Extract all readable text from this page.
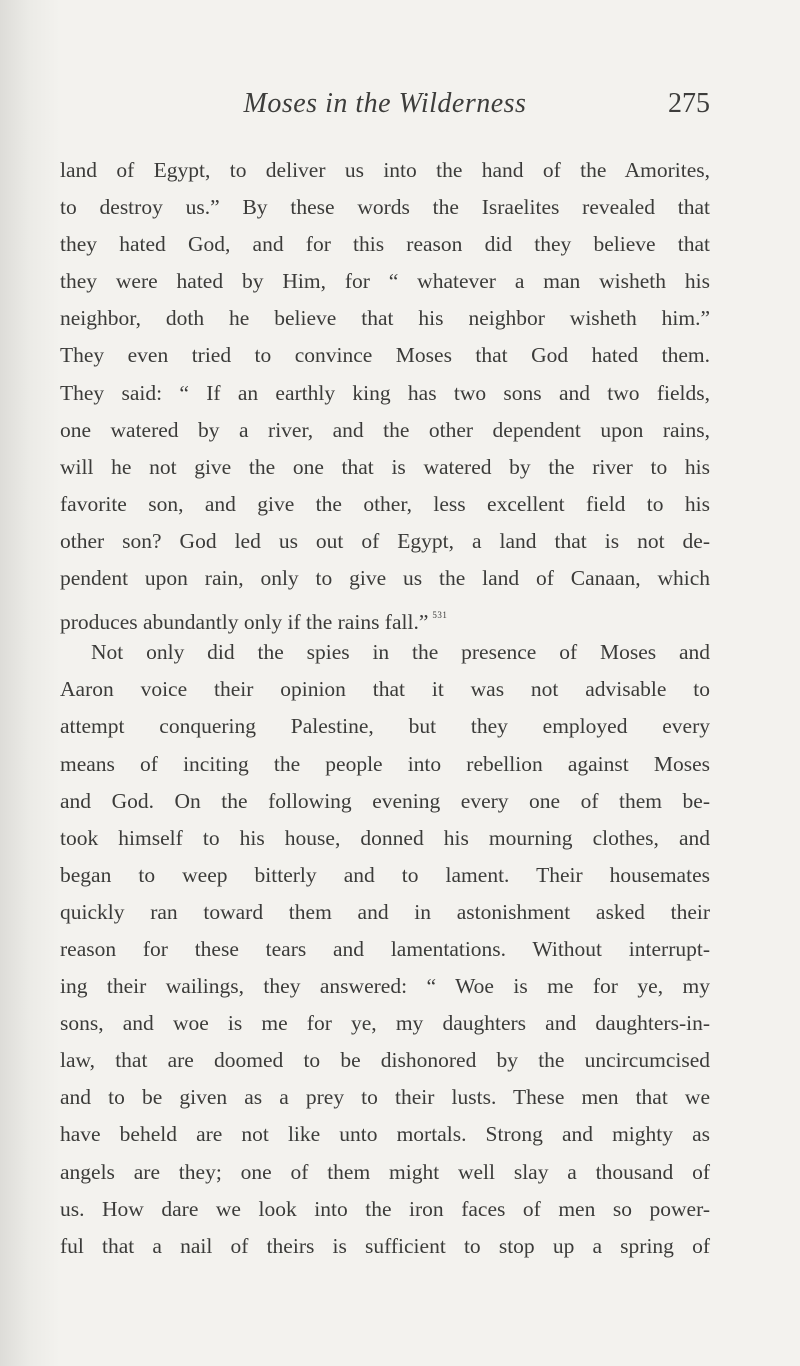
Moses in the Wilderness	275
land of Egypt, to deliver us into the hand of the Amorites,
to destroy us.” By these words the Israelites revealed that
they hated God, and for this reason did they believe that
they were hated by Him, for “ whatever a man wisheth his
neighbor, doth he believe that his neighbor wisheth him.”
They even tried to convince Moses that God hated them.
They said: “ If an earthly king has two sons and two fields,
one watered by a river, and the other dependent upon rains,
will he not give the one that is watered by the river to his
favorite son, and give the other, less excellent field to his
other son? God led us out of Egypt, a land that is not de-
pendent upon rain, only to give us the land of Canaan, which
produces abundantly only if the rains fall.” $^{531}$
Not only did the spies in the presence of Moses and
Aaron voice their opinion that it was not advisable to
attempt conquering Palestine, but they employed every
means of inciting the people into rebellion against Moses
and God. On the following evening every one of them be-
took himself to his house, donned his mourning clothes, and
began to weep bitterly and to lament. Their housemates
quickly ran toward them and in astonishment asked their
reason for these tears and lamentations. Without interrupt-
ing their wailings, they answered: “ Woe is me for ye, my
sons, and woe is me for ye, my daughters and daughters-in-
law, that are doomed to be dishonored by the uncircumcised
and to be given as a prey to their lusts. These men that we
have beheld are not like unto mortals. Strong and mighty as
angels are they; one of them might well slay a thousand of
us. How dare we look into the iron faces of men so power-
ful that a nail of theirs is sufficient to stop up a spring of
